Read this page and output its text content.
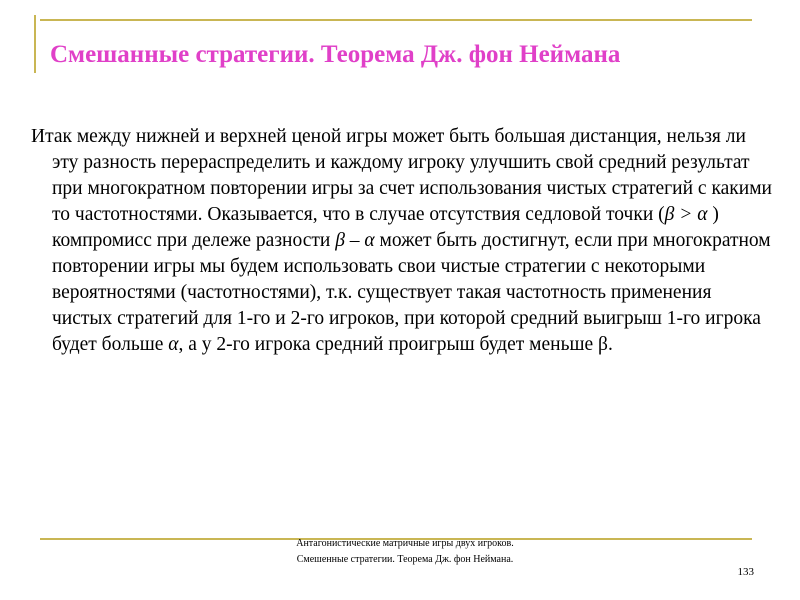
Смешанные стратегии. Теорема Дж. фон Неймана

Итак между нижней и верхней ценой игры может быть большая дистанция, нельзя ли эту разность перераспределить и каждому игроку улучшить свой средний результат при многократном повторении игры за счет использования чистых стратегий с какими то частотностями. Оказывается, что в случае отсутствия седловой точки (β > α ) компромисс при дележе разности β – α может быть достигнут, если при многократном повторении игры мы будем использовать свои чистые стратегии с некоторыми вероятностями (частотностями), т.к. существует такая частотность применения чистых стратегий для 1-го и 2-го игроков, при которой средний выигрыш 1-го игрока будет больше α, а у 2-го игрока средний проигрыш будет меньше β.

Антагонистические матричные игры двух игроков. Смешенные стратегии. Теорема Дж. фон Неймана.
133
